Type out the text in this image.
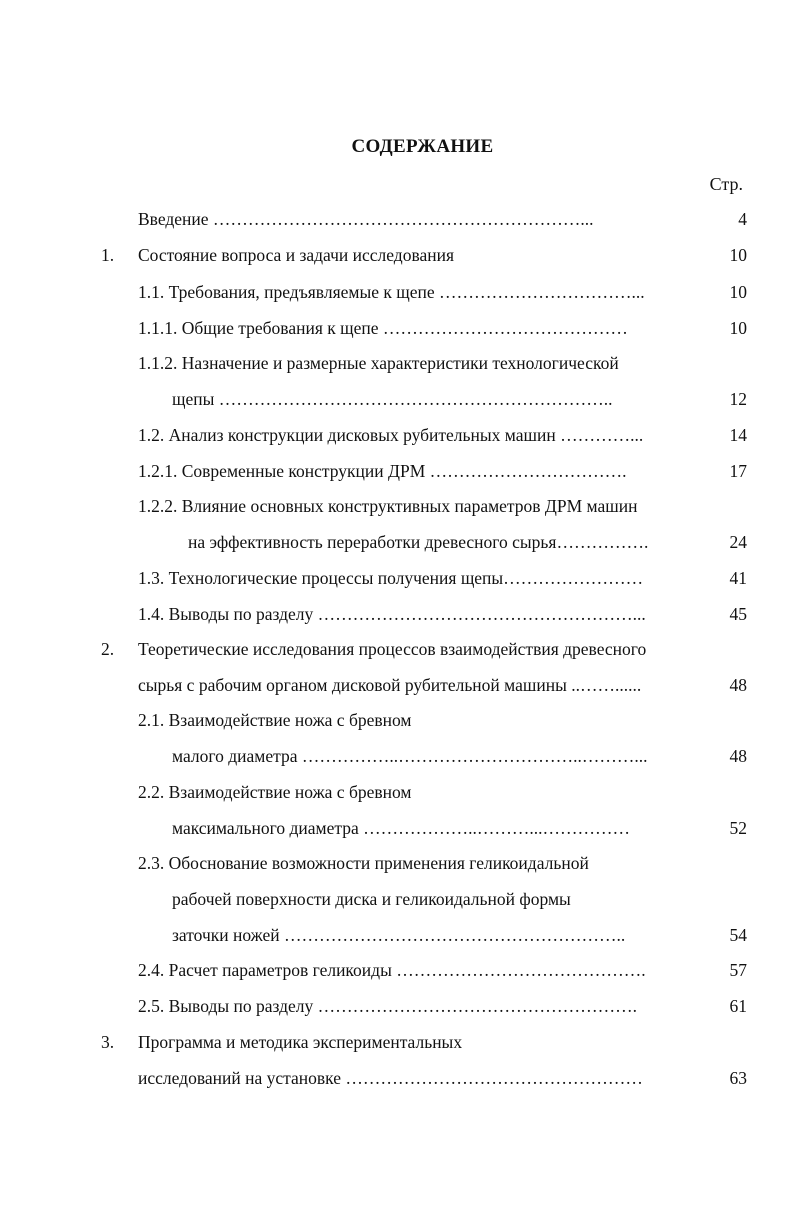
СОДЕРЖАНИЕ
Стр.
Введение ………………………………………………………...	4
1. Состояние вопроса и задачи исследования	10
1.1. Требования, предъявляемые к щепе ……………………………...	10
1.1.1. Общие требования к щепе ……………………………………	10
1.1.2. Назначение и размерные характеристики технологической
щепы …………………………………………………………..	12
1.2. Анализ конструкции дисковых рубительных машин …………...	14
1.2.1. Современные конструкции ДРМ …………………………….	17
1.2.2. Влияние основных конструктивных параметров ДРМ машин
на эффективность переработки древесного сырья…………….	24
1.3. Технологические процессы получения щепы……………………	41
1.4. Выводы по разделу ………………………………………………...	45
2. Теоретические исследования процессов взаимодействия древесного
сырья с рабочим органом дисковой рубительной машины ..……......	48
2.1. Взаимодействие ножа с бревном
малого диаметра ……………..…………………………..………...	48
2.2. Взаимодействие ножа с бревном
максимального диаметра ………………..………...……………	52
2.3. Обоснование возможности применения геликоидальной
рабочей поверхности диска и геликоидальной формы
заточки ножей …………………………………………………..	54
2.4. Расчет параметров геликоиды …………………………………….	57
2.5. Выводы по разделу ……………………………………………….	61
3. Программа и методика экспериментальных
исследований на установке ……………………………………………	63
